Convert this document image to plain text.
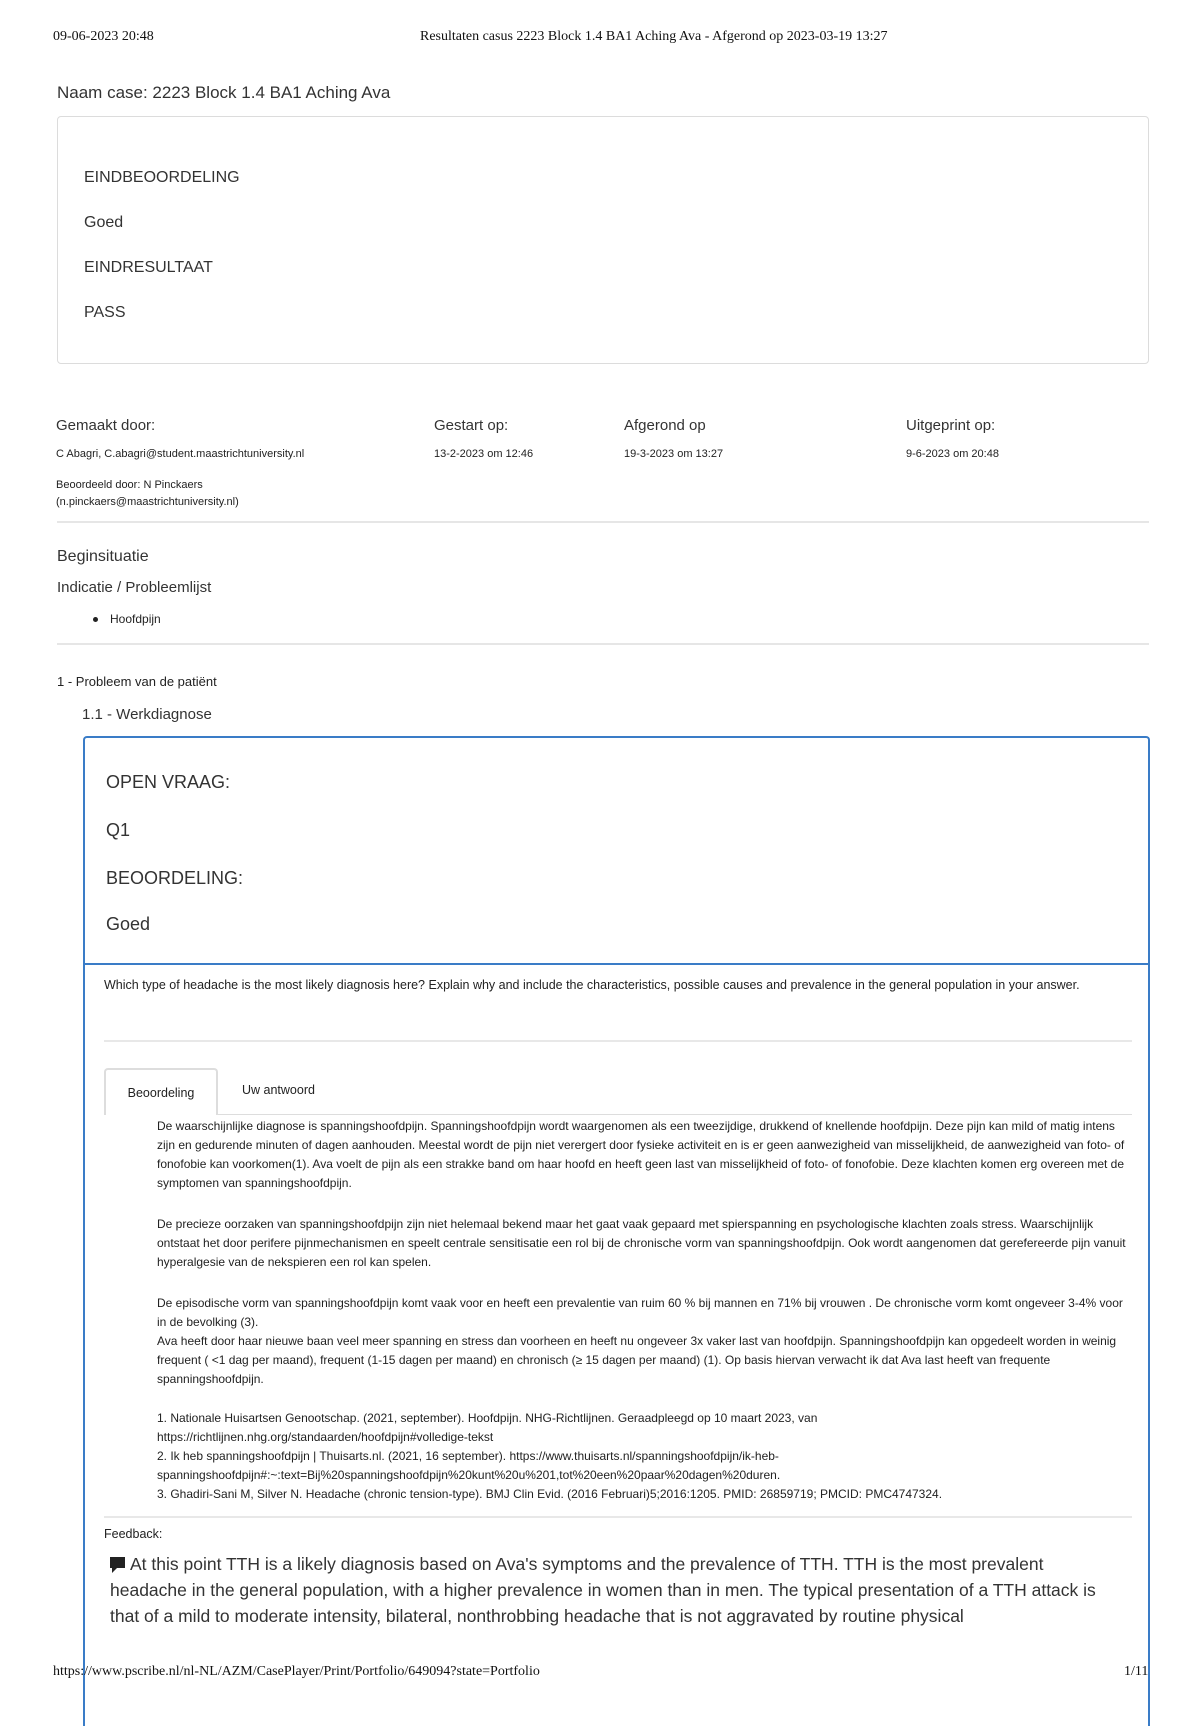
09-06-2023 20:48	Resultaten casus 2223 Block 1.4 BA1 Aching Ava - Afgerond op 2023-03-19 13:27
Naam case: 2223 Block 1.4 BA1 Aching Ava
EINDBEOORDELING
Goed
EINDRESULTAAT
PASS
Gemaakt door:
C Abagri, C.abagri@student.maastrichtuniversity.nl
Beoordeeld door: N Pinckaers
(n.pinckaers@maastrichtuniversity.nl)
Gestart op:
13-2-2023 om 12:46
Afgerond op
19-3-2023 om 13:27
Uitgeprint op:
9-6-2023 om 20:48
Beginsituatie
Indicatie / Probleemlijst
Hoofdpijn
1 - Probleem van de patiënt
1.1 - Werkdiagnose
OPEN VRAAG:
Q1
BEOORDELING:
Goed
Which type of headache is the most likely diagnosis here? Explain why and include the characteristics, possible causes and prevalence in the general population in your answer.
Beoordeling	Uw antwoord

De waarschijnlijke diagnose is spanningshoofdpijn. Spanningshoofdpijn wordt waargenomen als een tweezijdige, drukkend of knellende hoofdpijn. Deze pijn kan mild of matig intens zijn en gedurende minuten of dagen aanhouden. Meestal wordt de pijn niet verergert door fysieke activiteit en is er geen aanwezigheid van misselijkheid, de aanwezigheid van foto- of fonofobie kan voorkomen(1). Ava voelt de pijn als een strakke band om haar hoofd en heeft geen last van misselijkheid of foto- of fonofobie. Deze klachten komen erg overeen met de symptomen van spanningshoofdpijn.

De precieze oorzaken van spanningshoofdpijn zijn niet helemaal bekend maar het gaat vaak gepaard met spierspanning en psychologische klachten zoals stress. Waarschijnlijk ontstaat het door perifere pijnmechanismen en speelt centrale sensitisatie een rol bij de chronische vorm van spanningshoofdpijn. Ook wordt aangenomen dat gerefereerde pijn vanuit hyperalgesie van de nekspieren een rol kan spelen.

De episodische vorm van spanningshoofdpijn komt vaak voor en heeft een prevalentie van ruim 60 % bij mannen en 71% bij vrouwen . De chronische vorm komt ongeveer 3-4% voor in de bevolking (3).

Ava heeft door haar nieuwe baan veel meer spanning en stress dan voorheen en heeft nu ongeveer 3x vaker last van hoofdpijn. Spanningshoofdpijn kan opgedeelt worden in weinig frequent ( <1 dag per maand), frequent (1-15 dagen per maand) en chronisch (≥ 15 dagen per maand) (1). Op basis hiervan verwacht ik dat Ava last heeft van frequente spanningshoofdpijn.

1. Nationale Huisartsen Genootschap. (2021, september). Hoofdpijn. NHG-Richtlijnen. Geraadpleegd op 10 maart 2023, van https://richtlijnen.nhg.org/standaarden/hoofdpijn#volledige-tekst

2. Ik heb spanningshoofdpijn | Thuisarts.nl. (2021, 16 september). https://www.thuisarts.nl/spanningshoofdpijn/ik-heb-spanningshoofdpijn#:~:text=Bij%20spanningshoofdpijn%20kunt%20u%201,tot%20een%20paar%20dagen%20duren.

3. Ghadiri-Sani M, Silver N. Headache (chronic tension-type). BMJ Clin Evid. (2016 Februari)5;2016:1205. PMID: 26859719; PMCID: PMC4747324.

Feedback:
At this point TTH is a likely diagnosis based on Ava's symptoms and the prevalence of TTH. TTH is the most prevalent headache in the general population, with a higher prevalence in women than in men. The typical presentation of a TTH attack is that of a mild to moderate intensity, bilateral, nonthrobbing headache that is not aggravated by routine physical
https://www.pscribe.nl/nl-NL/AZM/CasePlayer/Print/Portfolio/649094?state=Portfolio	1/11
